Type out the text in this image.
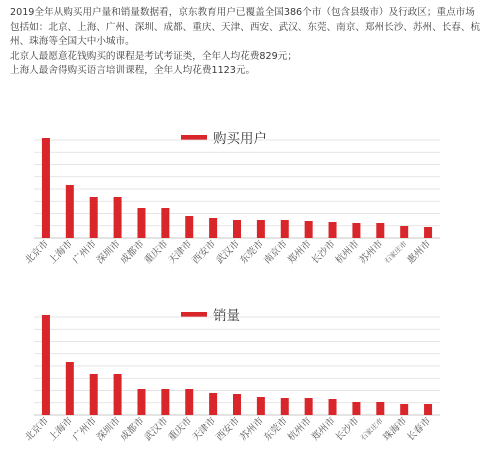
2019全年从购买用户量和销量数据看，京东教育用户已覆盖全国386个市（包含县级市）及行政区；重点市场包括如：北京、上海、广州、深圳、成都、重庆、天津、西安、武汉、东莞、南京、郑州长沙、苏州、长春、杭州、珠海等全国大中小城市。

北京人最愿意花钱购买的课程是考试考证类，全年人均花费829元；

上海人最舍得购买语言培训课程，全年人均花费1123元。

购买用户
北京市
上海市
广州市
深圳市
成都市
重庆市
天津市
西安市
武汉市
东莞市
南京市
郑州市
长沙市
杭州市
苏州市
石家庄市
惠州市
销量
北京市
上海市
广州市
深圳市
成都市
武汉市
重庆市
天津市
西安市
苏州市
东莞市
杭州市
郑州市
长沙市
石家庄市
珠海市
长春市
